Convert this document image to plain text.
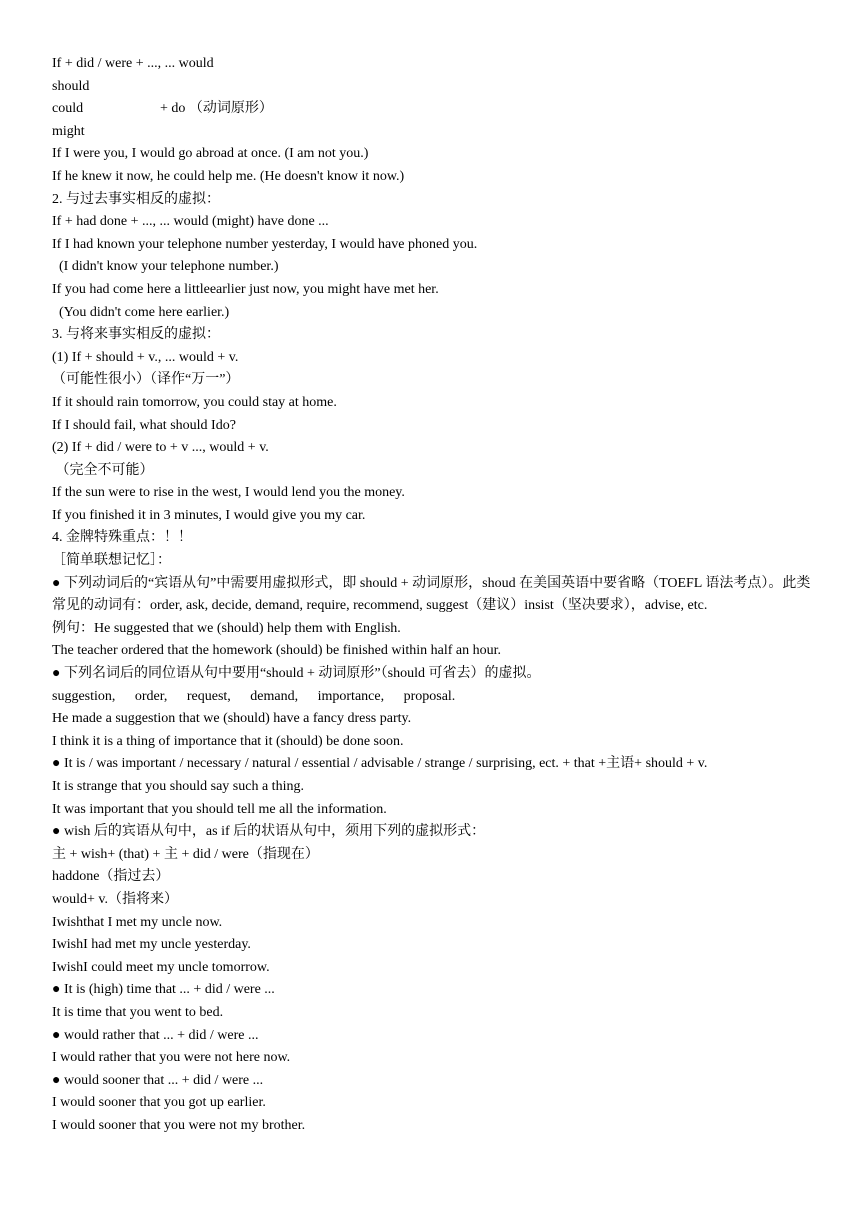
If + did / were + ..., ... would
should
could	+ do （动词原形）
might
If I were you, I would go abroad at once. (I am not you.)
If he knew it now, he could help me. (He doesn't know it now.)
2. 与过去事实相反的虚拟：
If + had done + ..., ... would (might) have done ...
If I had known your telephone number yesterday, I would have phoned you.
(I didn't know your telephone number.)
If you had come here a littleearlier just now, you might have met her.
(You didn't come here earlier.)
3. 与将来事实相反的虚拟：
(1) If + should + v., ... would + v.
（可能性很小）（译作“万一”）
If it should rain tomorrow, you could stay at home.
If I should fail, what should Ido?
(2) If + did / were to + v ..., would + v.
（完全不可能）
If the sun were to rise in the west, I would lend you the money.
If you finished it in 3 minutes, I would give you my car.
4. 金牌特殊重点：！！
［简单联想记忆］：
● 下列动词后的“宾语从句”中需要用虚拟形式，即 should + 动词原形，shoud 在美国英语中要省略（TOEFL 语法考点）。此类常见的动词有：order, ask, decide, demand, require, recommend, suggest（建议）insist（坚决要求），advise, etc.
例句：He suggested that we (should) help them with English.
The teacher ordered that the homework (should) be finished within half an hour.
● 下列名词后的同位语从句中要用“should + 动词原形”（should 可省去）的虚拟。
suggestion, order, request, demand, importance, proposal.
He made a suggestion that we (should) have a fancy dress party.
I think it is a thing of importance that it (should) be done soon.
● It is / was important / necessary / natural / essential / advisable / strange / surprising, ect. + that +主语+ should + v.
It is strange that you should say such a thing.
It was important that you should tell me all the information.
● wish 后的宾语从句中，as if 后的状语从句中，须用下列的虚拟形式：
主 + wish+ (that) + 主 + did / were（指现在）
haddone（指过去）
would+ v.（指将来）
Iwishthat I met my uncle now.
IwishI had met my uncle yesterday.
IwishI could meet my uncle tomorrow.
● It is (high) time that ... + did / were ...
It is time that you went to bed.
● would rather that ... + did / were ...
I would rather that you were not here now.
● would sooner that ... + did / were ...
I would sooner that you got up earlier.
I would sooner that you were not my brother.
